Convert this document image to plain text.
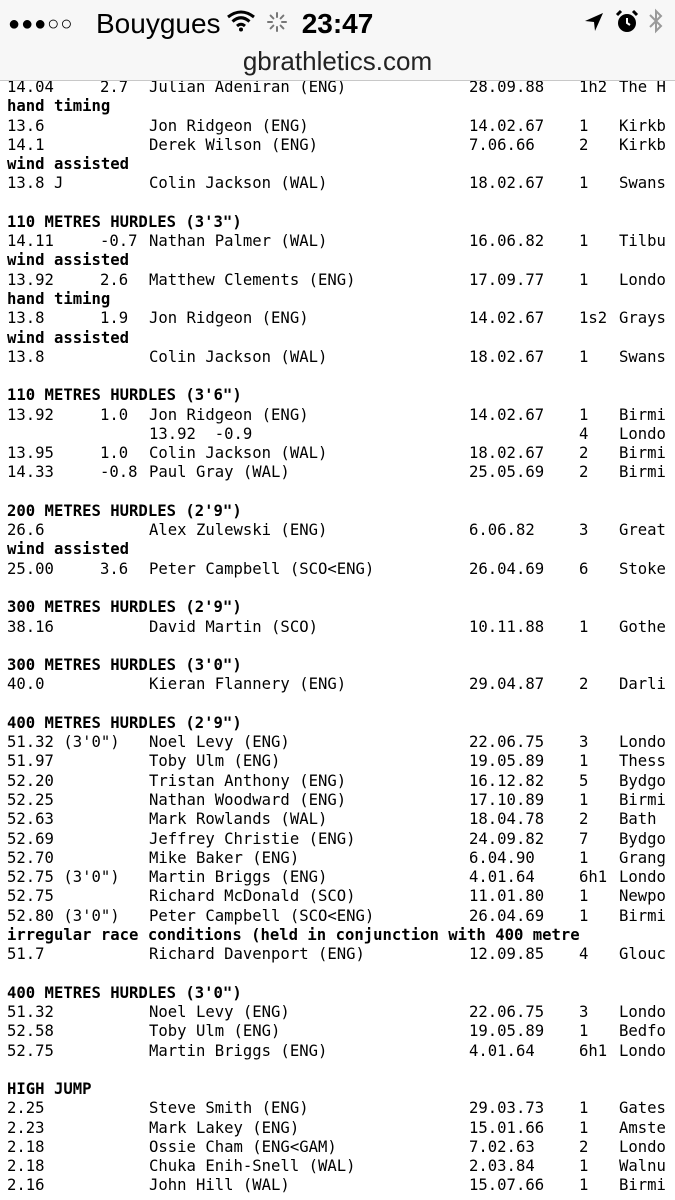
●●●○○ Bouygues	23:47
gbrathletics.com
14.04	2.7 Julian Adeniran (ENG)	28.09.88 1h2 The H
hand timing
13.6	Jon Ridgeon (ENG)	14.02.67 1 Kirkb
14.1	Derek Wilson (ENG)	7.06.66	2 Kirkb
wind assisted
13.8 J	Colin Jackson (WAL)	18.02.67 1 Swans
110 METRES HURDLES (3'3")
14.11	-0.7 Nathan Palmer (WAL)	16.06.82 1 Tilbu
wind assisted
13.92	2.6 Matthew Clements (ENG)	17.09.77 1 Londo
hand timing
13.8	1.9 Jon Ridgeon (ENG)	14.02.67 1s2 Grays
wind assisted
13.8	Colin Jackson (WAL)	18.02.67 1 Swans
110 METRES HURDLES (3'6")
13.92	1.0 Jon Ridgeon (ENG)	14.02.67 1 Birmi
13.92  -0.9	4 Londo
13.95	1.0 Colin Jackson (WAL)	18.02.67 2 Birmi
14.33	-0.8 Paul Gray (WAL)	25.05.69 2 Birmi
200 METRES HURDLES (2'9")
26.6	Alex Zulewski (ENG)	6.06.82	3 Great
wind assisted
25.00	3.6 Peter Campbell (SCO<ENG)	26.04.69 6 Stoke
300 METRES HURDLES (2'9")
38.16	David Martin (SCO)	10.11.88 1 Gothe
300 METRES HURDLES (3'0")
40.0	Kieran Flannery (ENG)	29.04.87 2 Darli
400 METRES HURDLES (2'9")
51.32 (3'0") Noel Levy (ENG)	22.06.75 3 Londo
51.97	Toby Ulm (ENG)	19.05.89 1 Thess
52.20	Tristan Anthony (ENG)	16.12.82 5 Bydgo
52.25	Nathan Woodward (ENG)	17.10.89 1 Birmi
52.63	Mark Rowlands (WAL)	18.04.78 2 Bath
52.69	Jeffrey Christie (ENG)	24.09.82 7 Bydgo
52.70	Mike Baker (ENG)	6.04.90	1 Grang
52.75 (3'0") Martin Briggs (ENG)	4.01.64	6h1 Londo
52.75	Richard McDonald (SCO)	11.01.80 1 Newpo
52.80 (3'0") Peter Campbell (SCO<ENG)	26.04.69 1 Birmi
irregular race conditions (held in conjunction with 400 metre
51.7	Richard Davenport (ENG)	12.09.85 4 Glouc
400 METRES HURDLES (3'0")
51.32	Noel Levy (ENG)	22.06.75 3 Londo
52.58	Toby Ulm (ENG)	19.05.89 1 Bedfo
52.75	Martin Briggs (ENG)	4.01.64	6h1 Londo
HIGH JUMP
2.25	Steve Smith (ENG)	29.03.73 1 Gates
2.23	Mark Lakey (ENG)	15.01.66 1 Amste
2.18	Ossie Cham (ENG<GAM)	7.02.63	2 Londo
2.18	Chuka Enih-Snell (WAL)	2.03.84	1 Walnu
2.16	John Hill (WAL)	15.07.66 1 Birmi
